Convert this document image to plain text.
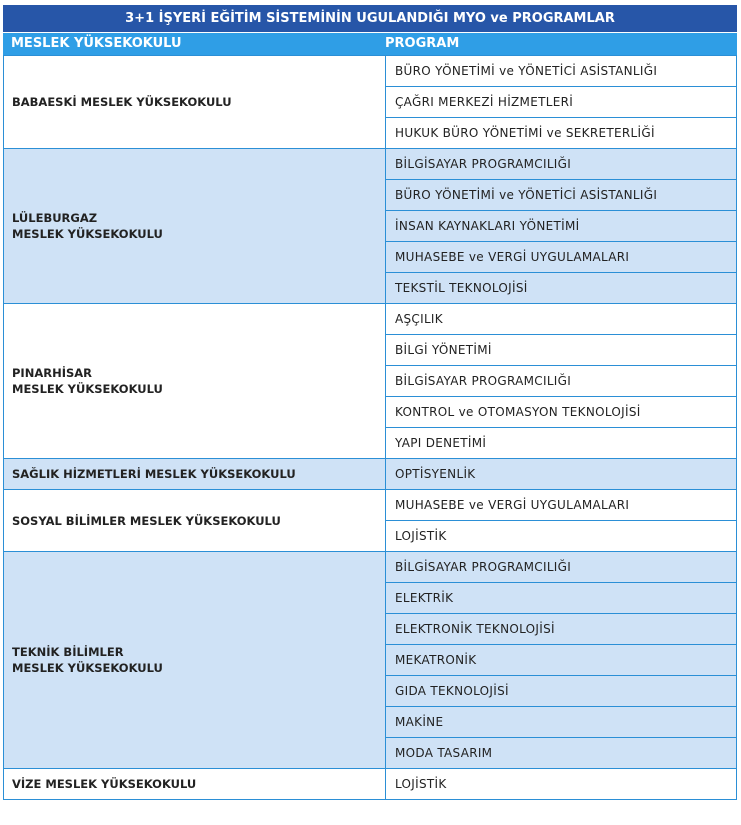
3+1 İŞYERİ EĞİTİM SİSTEMİNİN UGULANDIĞI MYO ve PROGRAMLAR
MESLEK YÜKSEKOKULU	PROGRAM
BABAESKİ MESLEK YÜKSEKOKULU	BÜRO YÖNETİMİ ve YÖNETİCİ ASİSTANLIĞI
	ÇAĞRI MERKEZİ HİZMETLERİ
	HUKUK BÜRO YÖNETİMİ ve SEKRETERLİĞİ

LÜLEBURGAZ
MESLEK YÜKSEKOKULU	BİLGİSAYAR PROGRAMCILIĞI
	BÜRO YÖNETİMİ ve YÖNETİCİ ASİSTANLIĞI
	İNSAN KAYNAKLARI YÖNETİMİ
	MUHASEBE ve VERGİ UYGULAMALARI
	TEKSTİL TEKNOLOJİSİ

PINARHİSAR
MESLEK YÜKSEKOKULU	AŞÇILIK
	BİLGİ YÖNETİMİ
	BİLGİSAYAR PROGRAMCILIĞI
	KONTROL ve OTOMASYON TEKNOLOJİSİ
	YAPI DENETİMİ

SAĞLIK HİZMETLERİ MESLEK YÜKSEKOKULU	OPTİSYENLİK

SOSYAL BİLİMLER MESLEK YÜKSEKOKULU	MUHASEBE ve VERGİ UYGULAMALARI
	LOJİSTİK

TEKNİK BİLİMLER
MESLEK YÜKSEKOKULU	BİLGİSAYAR PROGRAMCILIĞI
	ELEKTRİK
	ELEKTRONİK TEKNOLOJİSİ
	MEKATRONİK
	GIDA TEKNOLOJİSİ
	MAKİNE
	MODA TASARIM

VİZE MESLEK YÜKSEKOKULU	LOJİSTİK
